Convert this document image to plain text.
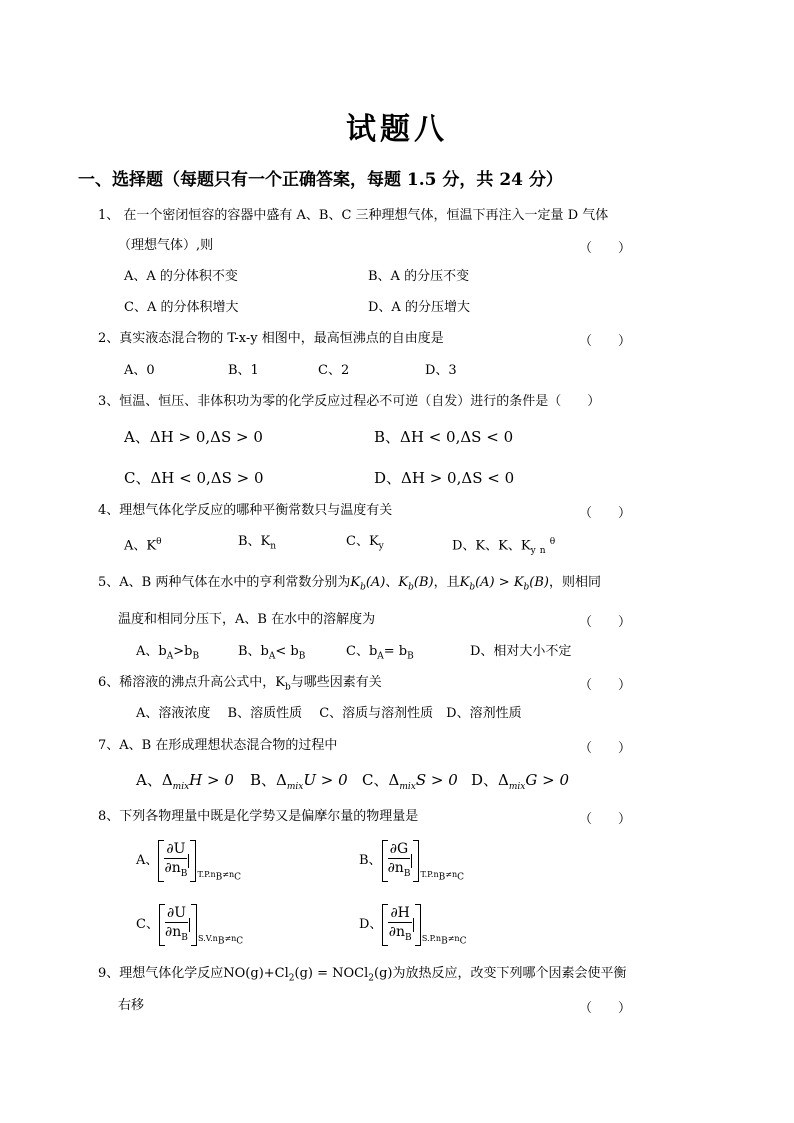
试题八
一、选择题（每题只有一个正确答案，每题 1.5 分，共 24 分）
1、 在一个密闭恒容的容器中盛有 A、B、C 三种理想气体，恒温下再注入一定量 D 气体
（理想气体）,则	（　　）
A、A 的分体积不变	B、A 的分压不变
C、A 的分体积增大	D、A 的分压增大
2、真实液态混合物的 T-x-y 相图中，最高恒沸点的自由度是	（　　）
A、0	B、1	C、2	D、3
3、恒温、恒压、非体积功为零的化学反应过程必不可逆（自发）进行的条件是（　　）
A、ΔH > 0,ΔS > 0	B、ΔH < 0,ΔS < 0
C、ΔH < 0,ΔS > 0	D、ΔH > 0,ΔS < 0
4、理想气体化学反应的哪种平衡常数只与温度有关	（　　）
A、$K^\theta$	B、$K_n$	C、$K_y$	D、K、K、$K_y$ $_n$ $^\theta$
5、A、B 两种气体在水中的亨利常数分别为$K_b(A)$、$K_b(B)$，且$K_b(A) > K_b(B)$，则相同
温度和相同分压下，A、B 在水中的溶解度为	（　　）
A、$b_A>b_B$	B、$b_A< b_B$	C、$b_A= b_B$	D、相对大小不定
6、稀溶液的沸点升高公式中，$K_b$与哪些因素有关	（　　）
A、溶液浓度　 B、溶质性质　 C、溶质与溶剂性质　D、溶剂性质
7、A、B 在形成理想状态混合物的过程中	（　　）
A、$\Delta_{mix}H > 0$ B、$\Delta_{mix}U > 0$ C、$\Delta_{mix}S > 0$ D、$\Delta_{mix}G > 0$
8、下列各物理量中既是化学势又是偏摩尔量的物理量是	（　　）
A、 $\frac{\partial U}{\partial n_B} T.P.n_B\ne n_C$
B、 $\frac{\partial G}{\partial n_B} T.P.n_B\ne n_C$
C、 $\frac{\partial U}{\partial n_B} S.V.n_B\ne n_C$
D、 $\frac{\partial H}{\partial n_B} S.P.n_B\ne n_C$
9、理想气体化学反应$NO(g)+Cl_2(g)$ = NOCl$_2$(g)为放热反应，改变下列哪个因素会使平衡
右移	（　　）
